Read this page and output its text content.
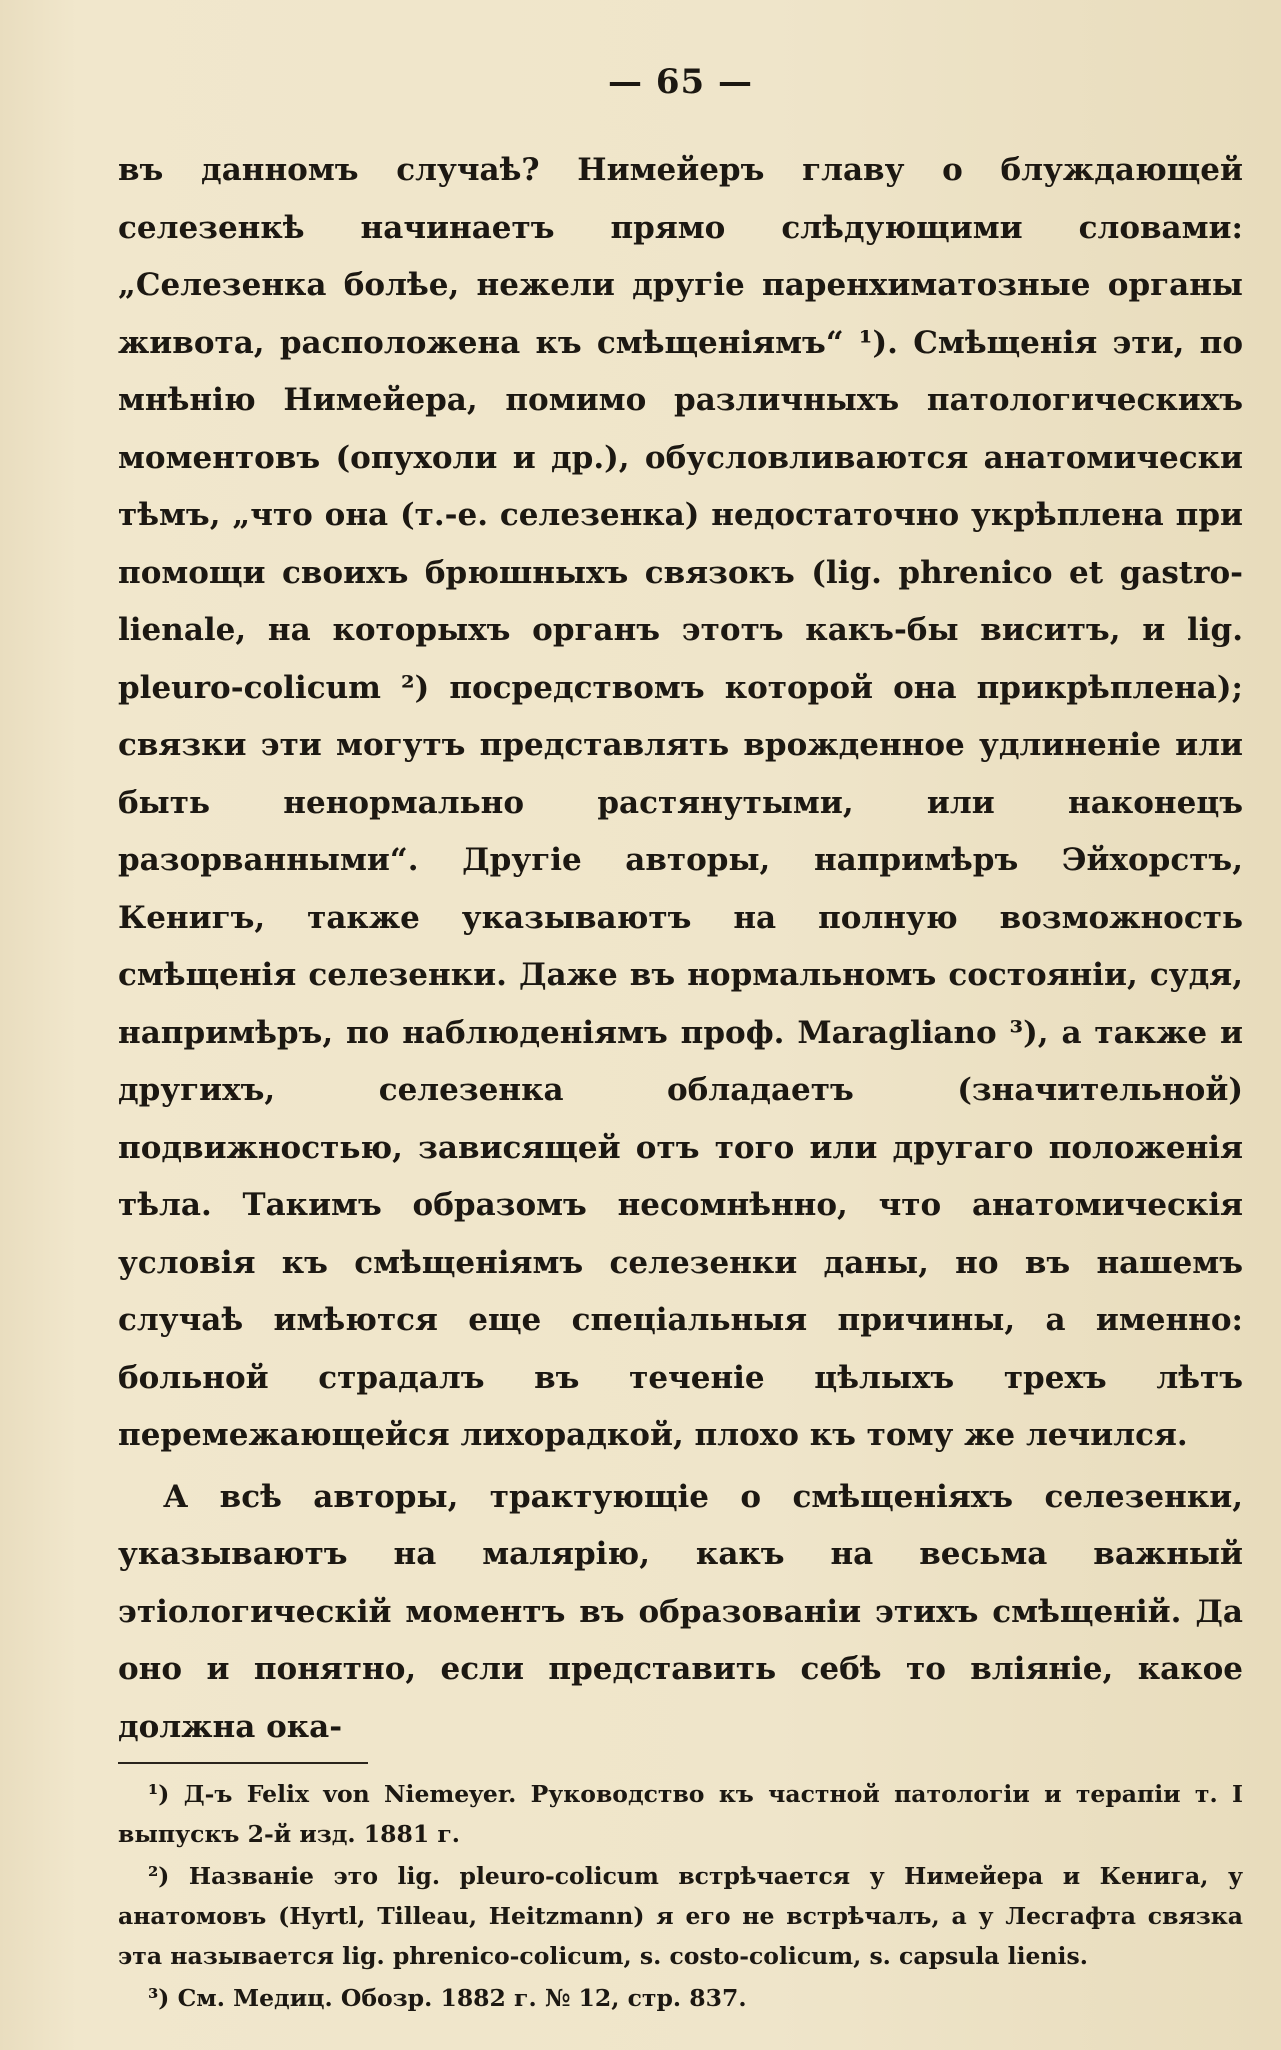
— 65 —

въ данномъ случаѣ? Нимейеръ главу о блуждающей селезенкѣ начинаетъ прямо слѣдующими словами: „Селезенка болѣе, нежели другіе паренхиматозные органы живота, расположена къ смѣщеніямъ“ ¹). Смѣщенія эти, по мнѣнію Нимейера, помимо различныхъ патологическихъ моментовъ (опухоли и др.), обусловливаются анатомически тѣмъ, „что она (т.-е. селезенка) недостаточно укрѣплена при помощи своихъ брюшныхъ связокъ (lig. phrenico et gastro-lienale, на которыхъ органъ этотъ какъ-бы виситъ, и lig. pleuro-colicum ²) посредствомъ которой она прикрѣплена); связки эти могутъ представлять врожденное удлиненіе или быть ненормально растянутыми, или наконецъ разорванными“. Другіе авторы, напримѣръ Эйхорстъ, Кенигъ, также указываютъ на полную возможность смѣщенія селезенки. Даже въ нормальномъ состояніи, судя, напримѣръ, по наблюденіямъ проф. Maragliano ³), а также и другихъ, селезенка обладаетъ (значительной) подвижностью, зависящей отъ того или другаго положенія тѣла. Такимъ образомъ несомнѣнно, что анатомическія условія къ смѣщеніямъ селезенки даны, но въ нашемъ случаѣ имѣются еще спеціальныя причины, а именно: больной страдалъ въ теченіе цѣлыхъ трехъ лѣтъ перемежающейся лихорадкой, плохо къ тому же лечился.

А всѣ авторы, трактующіе о смѣщеніяхъ селезенки, указываютъ на малярію, какъ на весьма важный этіологическій моментъ въ образованіи этихъ смѣщеній. Да оно и понятно, если представить себѣ то вліяніе, какое должна ока-

¹) Д-ъ Felix von Niemeyer. Руководство къ частной патологіи и терапіи т. I выпускъ 2-й изд. 1881 г.

²) Названіе это lig. pleuro-colicum встрѣчается у Нимейера и Кенига, у анатомовъ (Hyrtl, Tilleau, Heitzmann) я его не встрѣчалъ, а у Лесгафта связка эта называется lig. phrenico-colicum, s. costo-colicum, s. capsula lienis.

³) См. Медиц. Обозр. 1882 г. № 12, стр. 837.
